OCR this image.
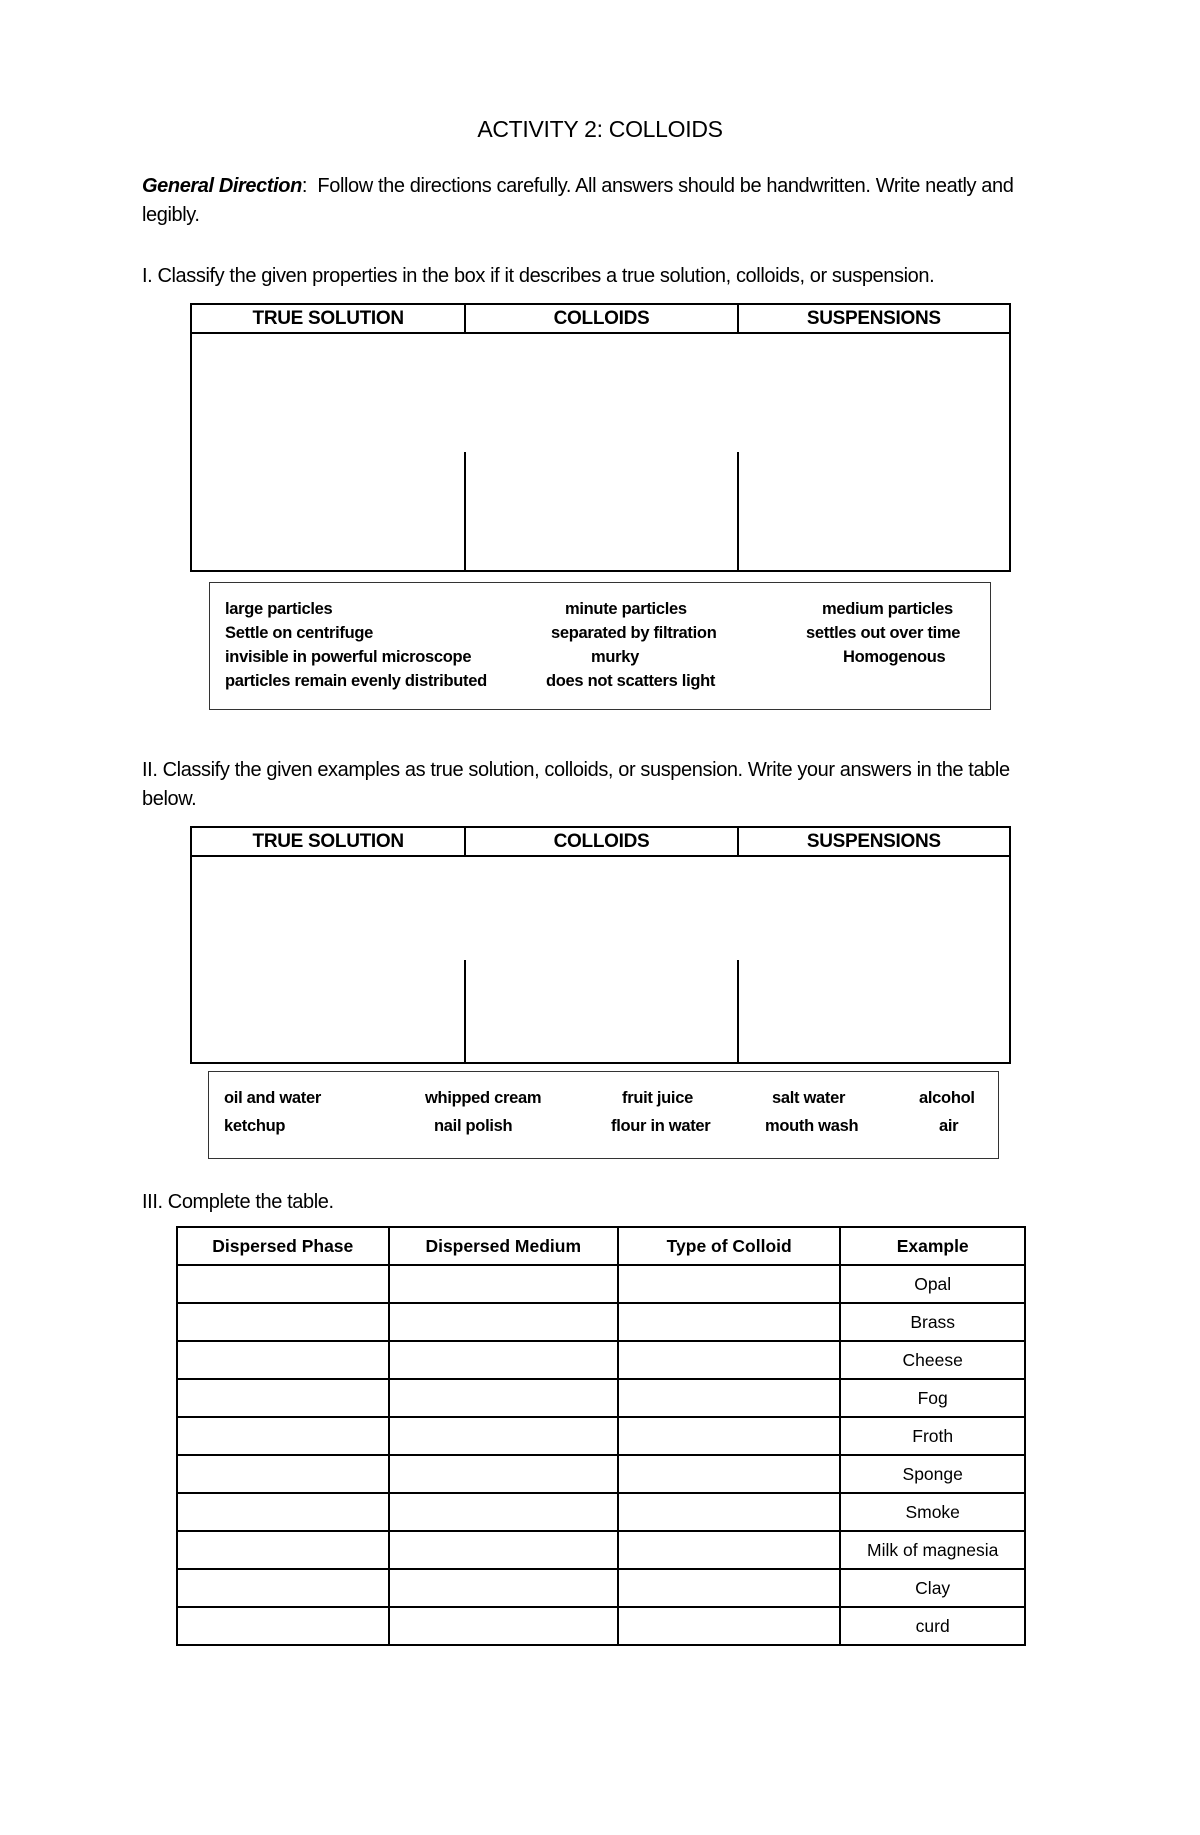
ACTIVITY 2: COLLOIDS
General Direction: Follow the directions carefully. All answers should be handwritten. Write neatly and legibly.
I. Classify the given properties in the box if it describes a true solution, colloids, or suspension.
TRUE SOLUTION	COLLOIDS	SUSPENSIONS
large particles	minute particles	medium particles
Settle on centrifuge	separated by filtration	settles out over time
invisible in powerful microscope	murky	Homogenous
particles remain evenly distributed	does not scatters light
II. Classify the given examples as true solution, colloids, or suspension. Write your answers in the table below.
TRUE SOLUTION	COLLOIDS	SUSPENSIONS
oil and water	whipped cream	fruit juice	salt water	alcohol
ketchup	nail polish	flour in water	mouth wash	air
III. Complete the table.
Dispersed Phase	Dispersed Medium	Type of Colloid	Example
			Opal
			Brass
			Cheese
			Fog
			Froth
			Sponge
			Smoke
			Milk of magnesia
			Clay
			curd
